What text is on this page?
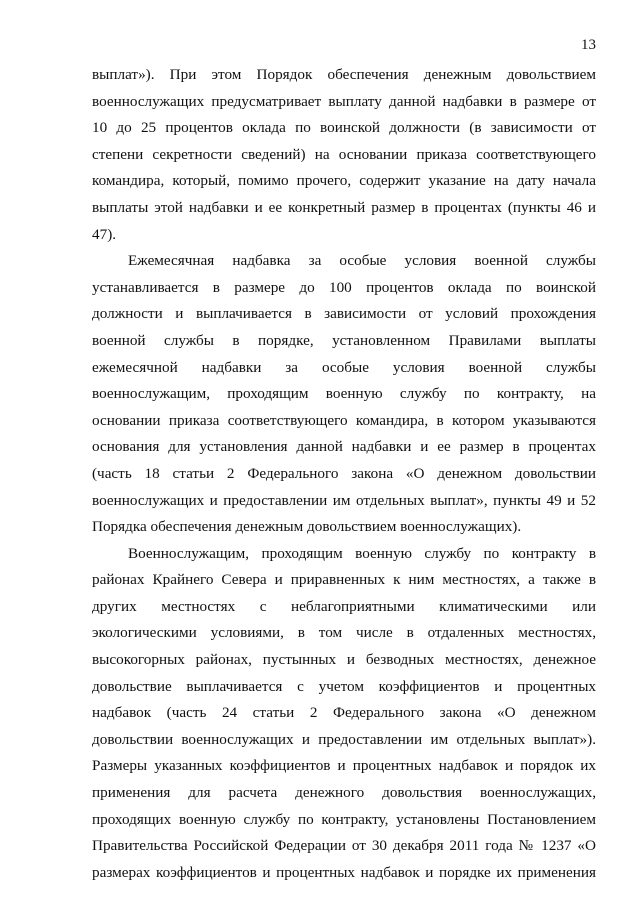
13
выплат»). При этом Порядок обеспечения денежным довольствием
военнослужащих предусматривает выплату данной надбавки в размере от
10 до 25 процентов оклада по воинской должности (в зависимости от
степени секретности сведений) на основании приказа соответствующего
командира, который, помимо прочего, содержит указание на дату начала
выплаты этой надбавки и ее конкретный размер в процентах (пункты 46 и
47).
Ежемесячная надбавка за особые условия военной службы
устанавливается в размере до 100 процентов оклада по воинской
должности и выплачивается в зависимости от условий прохождения
военной службы в порядке, установленном Правилами выплаты
ежемесячной надбавки за особые условия военной службы
военнослужащим, проходящим военную службу по контракту, на
основании приказа соответствующего командира, в котором указываются
основания для установления данной надбавки и ее размер в процентах
(часть 18 статьи 2 Федерального закона «О денежном довольствии
военнослужащих и предоставлении им отдельных выплат», пункты 49 и 52
Порядка обеспечения денежным довольствием военнослужащих).
Военнослужащим, проходящим военную службу по контракту в
районах Крайнего Севера и приравненных к ним местностях, а также в
других местностях с неблагоприятными климатическими или
экологическими условиями, в том числе в отдаленных местностях,
высокогорных районах, пустынных и безводных местностях, денежное
довольствие выплачивается с учетом коэффициентов и процентных
надбавок (часть 24 статьи 2 Федерального закона «О денежном
довольствии военнослужащих и предоставлении им отдельных выплат»).
Размеры указанных коэффициентов и процентных надбавок и порядок их
применения для расчета денежного довольствия военнослужащих,
проходящих военную службу по контракту, установлены Постановлением
Правительства Российской Федерации от 30 декабря 2011 года № 1237 «О
размерах коэффициентов и процентных надбавок и порядке их применения
